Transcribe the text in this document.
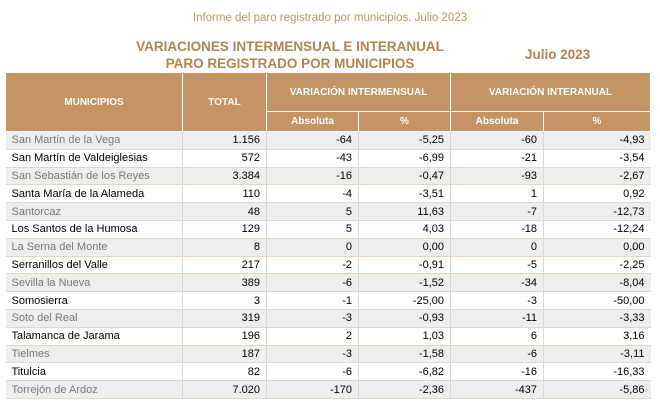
Informe del paro registrado por municipios. Julio 2023
VARIACIONES INTERMENSUAL E INTERANUAL
PARO REGISTRADO POR MUNICIPIOS
Julio 2023
MUNICIPIOS	TOTAL	VARIACIÓN INTERMENSUAL		VARIACIÓN INTERANUAL	
		Absoluta	%	Absoluta	%
San Martín de la Vega	1.156	-64	-5,25	-60	-4,93
San Martín de Valdeiglesias	572	-43	-6,99	-21	-3,54
San Sebastián de los Reyes	3.384	-16	-0,47	-93	-2,67
Santa María de la Alameda	110	-4	-3,51	1	0,92
Santorcaz	48	5	11,63	-7	-12,73
Los Santos de la Humosa	129	5	4,03	-18	-12,24
La Serna del Monte	8	0	0,00	0	0,00
Serranillos del Valle	217	-2	-0,91	-5	-2,25
Sevilla la Nueva	389	-6	-1,52	-34	-8,04
Somosierra	3	-1	-25,00	-3	-50,00
Soto del Real	319	-3	-0,93	-11	-3,33
Talamanca de Jarama	196	2	1,03	6	3,16
Tielmes	187	-3	-1,58	-6	-3,11
Titulcia	82	-6	-6,82	-16	-16,33
Torrejón de Ardoz	7.020	-170	-2,36	-437	-5,86
